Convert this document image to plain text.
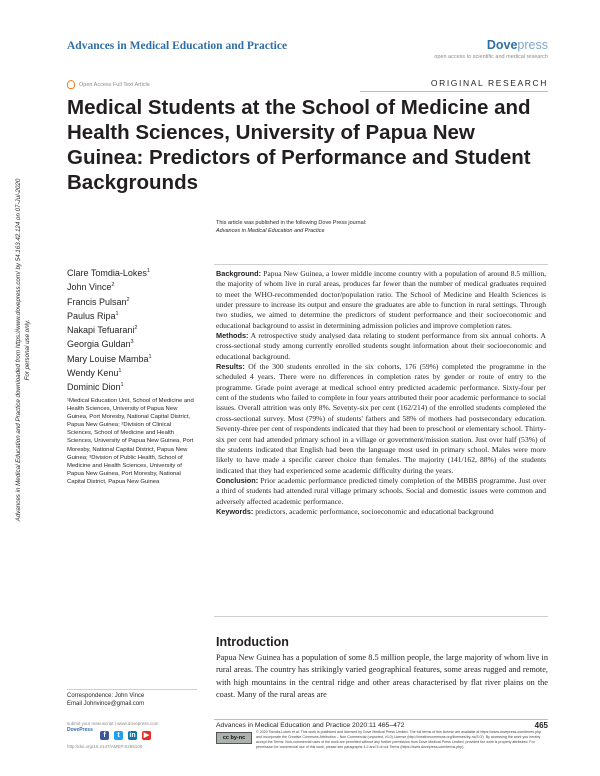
Advances in Medical Education and Practice	Dovepress
open access to scientific and medical research
Open Access Full Text Article	ORIGINAL RESEARCH
Medical Students at the School of Medicine and Health Sciences, University of Papua New Guinea: Predictors of Performance and Student Backgrounds
This article was published in the following Dove Press journal:
Advances in Medical Education and Practice
Advances in Medical Education and Practice downloaded from https://www.dovepress.com/ by 54.163.42.124 on 07-Jul-2020 For personal use only.
Clare Tomdia-Lokes$^1$
John Vince$^2$
Francis Pulsan$^2$
Paulus Ripa$^1$
Nakapi Tefuarani$^2$
Georgia Guldan$^3$
Mary Louise Mamba$^1$
Wendy Kenu$^1$
Dominic Dion$^1$
¹Medical Education Unit, School of Medicine and Health Sciences, University of Papua New Guinea, Port Moresby, National Capital District, Papua New Guinea; ²Division of Clinical Sciences, School of Medicine and Health Sciences, University of Papua New Guinea, Port Moresby, National Capital District, Papua New Guinea; ³Division of Public Health, School of Medicine and Health Sciences, University of Papua New Guinea, Port Moresby, National Capital District, Papua New Guinea

Background: Papua New Guinea, a lower middle income country with a population of around 8.5 million, the majority of whom live in rural areas, produces far fewer than the number of medical graduates required to meet the WHO-recommended doctor/population ratio. The School of Medicine and Health Sciences is under pressure to increase its output and ensure the graduates are able to function in rural settings. Through two studies, we aimed to determine the predictors of student performance and their socioeconomic and educational background to assist in determining admission policies and improve completion rates.

Methods: A retrospective study analysed data relating to student performance from six annual cohorts. A cross-sectional study among currently enrolled students sought information about their socioeconomic and educational background.

Results: Of the 300 students enrolled in the six cohorts, 176 (59%) completed the programme in the scheduled 4 years. There were no differences in completion rates by gender or route of entry to the programme. Grade point average at medical school entry predicted academic performance. Sixty-four per cent of the students who failed to complete in four years attributed their poor academic performance to social issues. Overall attrition was only 8%. Seventy-six per cent (162/214) of the enrolled students completed the cross-sectional survey. Most (79%) of students' fathers and 58% of mothers had postsecondary education. Seventy-three per cent of respondents indicated that they had been to preschool or elementary school. Thirty-six per cent had attended primary school in a village or government/mission station. Just over half (53%) of the students indicated that English had been the language most used in primary school. Males were more likely to have made a specific career choice than females. The majority (141/162, 88%) of the students indicated that they had experienced some academic difficulty during the years.

Conclusion: Prior academic performance predicted timely completion of the MBBS programme. Just over a third of students had attended rural village primary schools. Social and domestic issues were common and adversely affected academic performance.

Keywords: predictors, academic performance, socioeconomic and educational background

Introduction

Papua New Guinea has a population of some 8.5 million people, the large majority of whom live in rural areas. The country has strikingly varied geographical features, some areas rugged and remote, with high mountains in the central ridge and other areas characterised by flat river plains on the coast. Many of the rural areas are

Correspondence: John Vince
Email Johnvince@gmail.com
submit your manuscript | www.dovepress.com
DovePress
f	t	in ▶
http://doi.org/10.2147/AMEP.S255100
Advances in Medical Education and Practice 2020:11 465–472	465
cc by-nc
© 2020 Tomdia-Lokes et al. This work is published and licensed by Dove Medical Press Limited. The full terms of this license are available at https://www.dovepress.com/terms.php and incorporate the Creative Commons Attribution – Non Commercial (unported, v3.0) License (http://creativecommons.org/licenses/by-nc/3.0/). By accessing the work you hereby accept the Terms. Non-commercial uses of the work are permitted without any further permission from Dove Medical Press Limited, provided the work is properly attributed. For permission for commercial use of this work, please see paragraphs 4.2 and 5 of our Terms (https://www.dovepress.com/terms.php).
